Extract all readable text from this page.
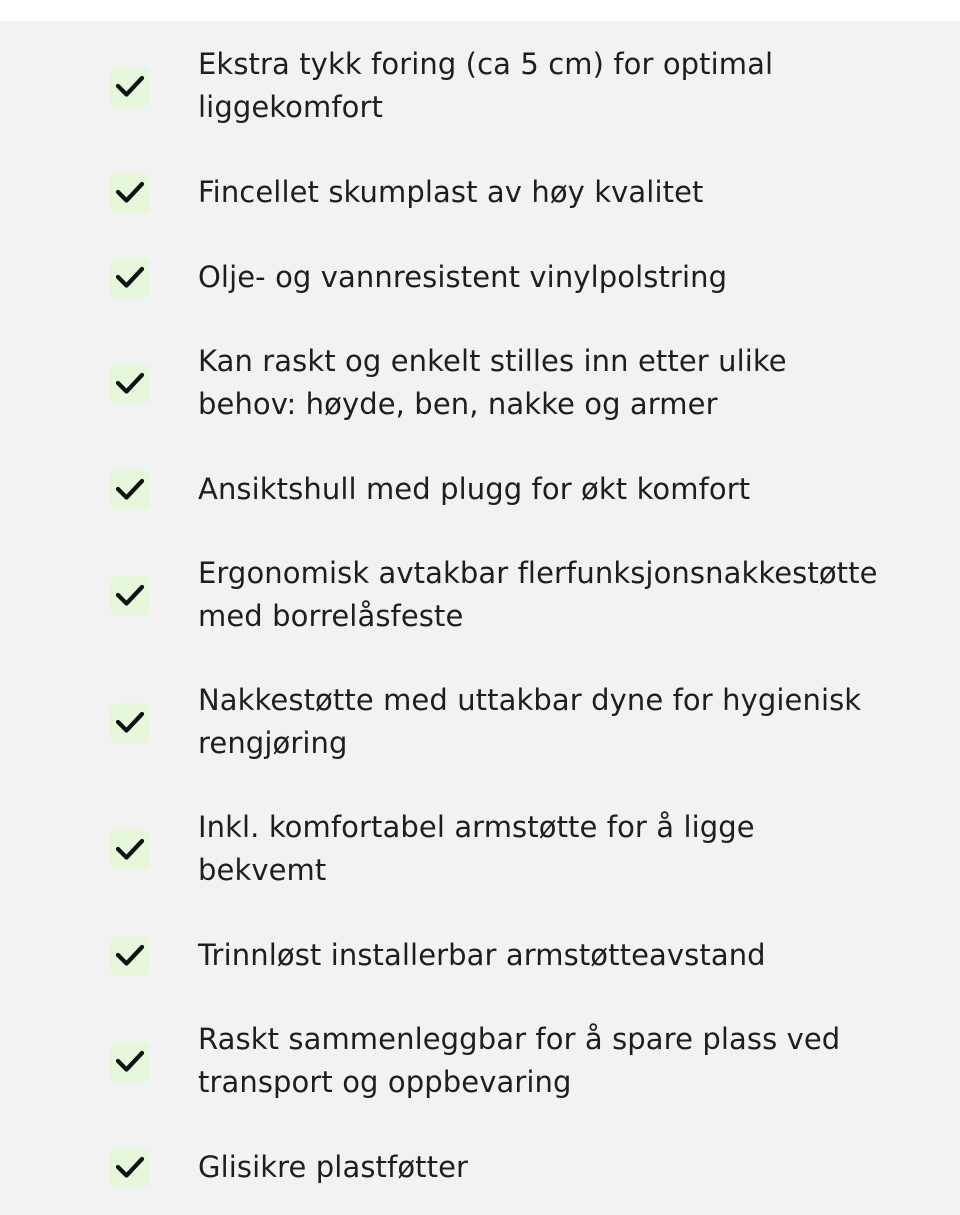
Ekstra tykk foring (ca 5 cm) for optimal liggekomfort
Fincellet skumplast av høy kvalitet
Olje- og vannresistent vinylpolstring
Kan raskt og enkelt stilles inn etter ulike behov: høyde, ben, nakke og armer
Ansiktshull med plugg for økt komfort
Ergonomisk avtakbar flerfunksjonsnakkestøtte med borrelåsfeste
Nakkestøtte med uttakbar dyne for hygienisk rengjøring
Inkl. komfortabel armstøtte for å ligge bekvemt
Trinnløst installerbar armstøtteavstand
Raskt sammenleggbar for å spare plass ved transport og oppbevaring
Glisikre plastføtter
